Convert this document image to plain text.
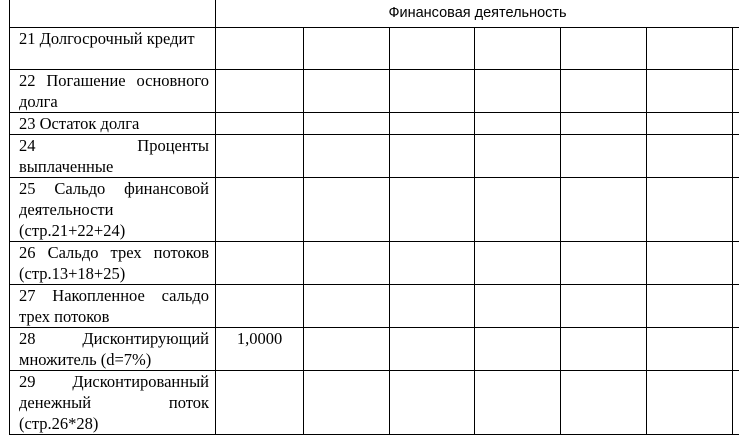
	Финансовая деятельность						
21 Долгосрочный кредит							
22 Погашение основного долга							
23 Остаток долга							
24 Проценты выплаченные							
25 Сальдо финансовой деятельности (стр.21+22+24)							
26 Сальдо трех потоков (стр.13+18+25)							
27 Накопленное сальдо трех потоков							
28 Дисконтирующий множитель (d=7%)	1,0000						
29 Дисконтированный денежный поток (стр.26*28)							
